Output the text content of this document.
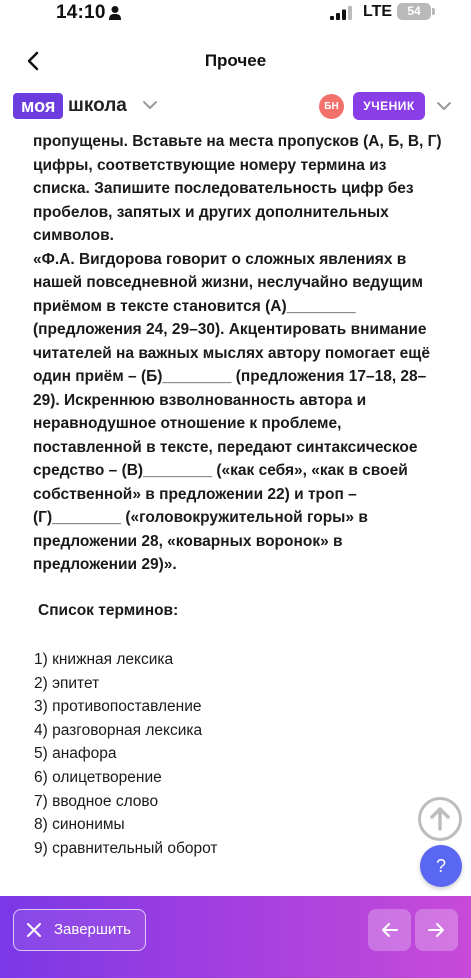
14:10	LTE	54
Прочее
моя школа	БН	УЧЕНИК

пропущены. Вставьте на места пропусков (А, Б, В, Г) цифры, соответствующие номеру термина из списка. Запишите последовательность цифр без пробелов, запятых и других дополнительных символов.

«Ф.А. Вигдорова говорит о сложных явлениях в нашей повседневной жизни, неслучайно ведущим приёмом в тексте становится (А)________ (предложения 24, 29–30). Акцентировать внимание читателей на важных мыслях автору помогает ещё один приём – (Б)________ (предложения 17–18, 28–29). Искреннюю взволнованность автора и неравнодушное отношение к проблеме, поставленной в тексте, передают синтаксическое средство – (В)________ («как себя», «как в своей собственной» в предложении 22) и троп – (Г)________ («головокружительной горы» в предложении 28, «коварных воронок» в предложении 29)».

Список терминов:
1) книжная лексика
2) эпитет
3) противопоставление
4) разговорная лексика
5) анафора
6) олицетворение
7) вводное слово
8) синонимы
9) сравнительный оборот
?
Завершить
